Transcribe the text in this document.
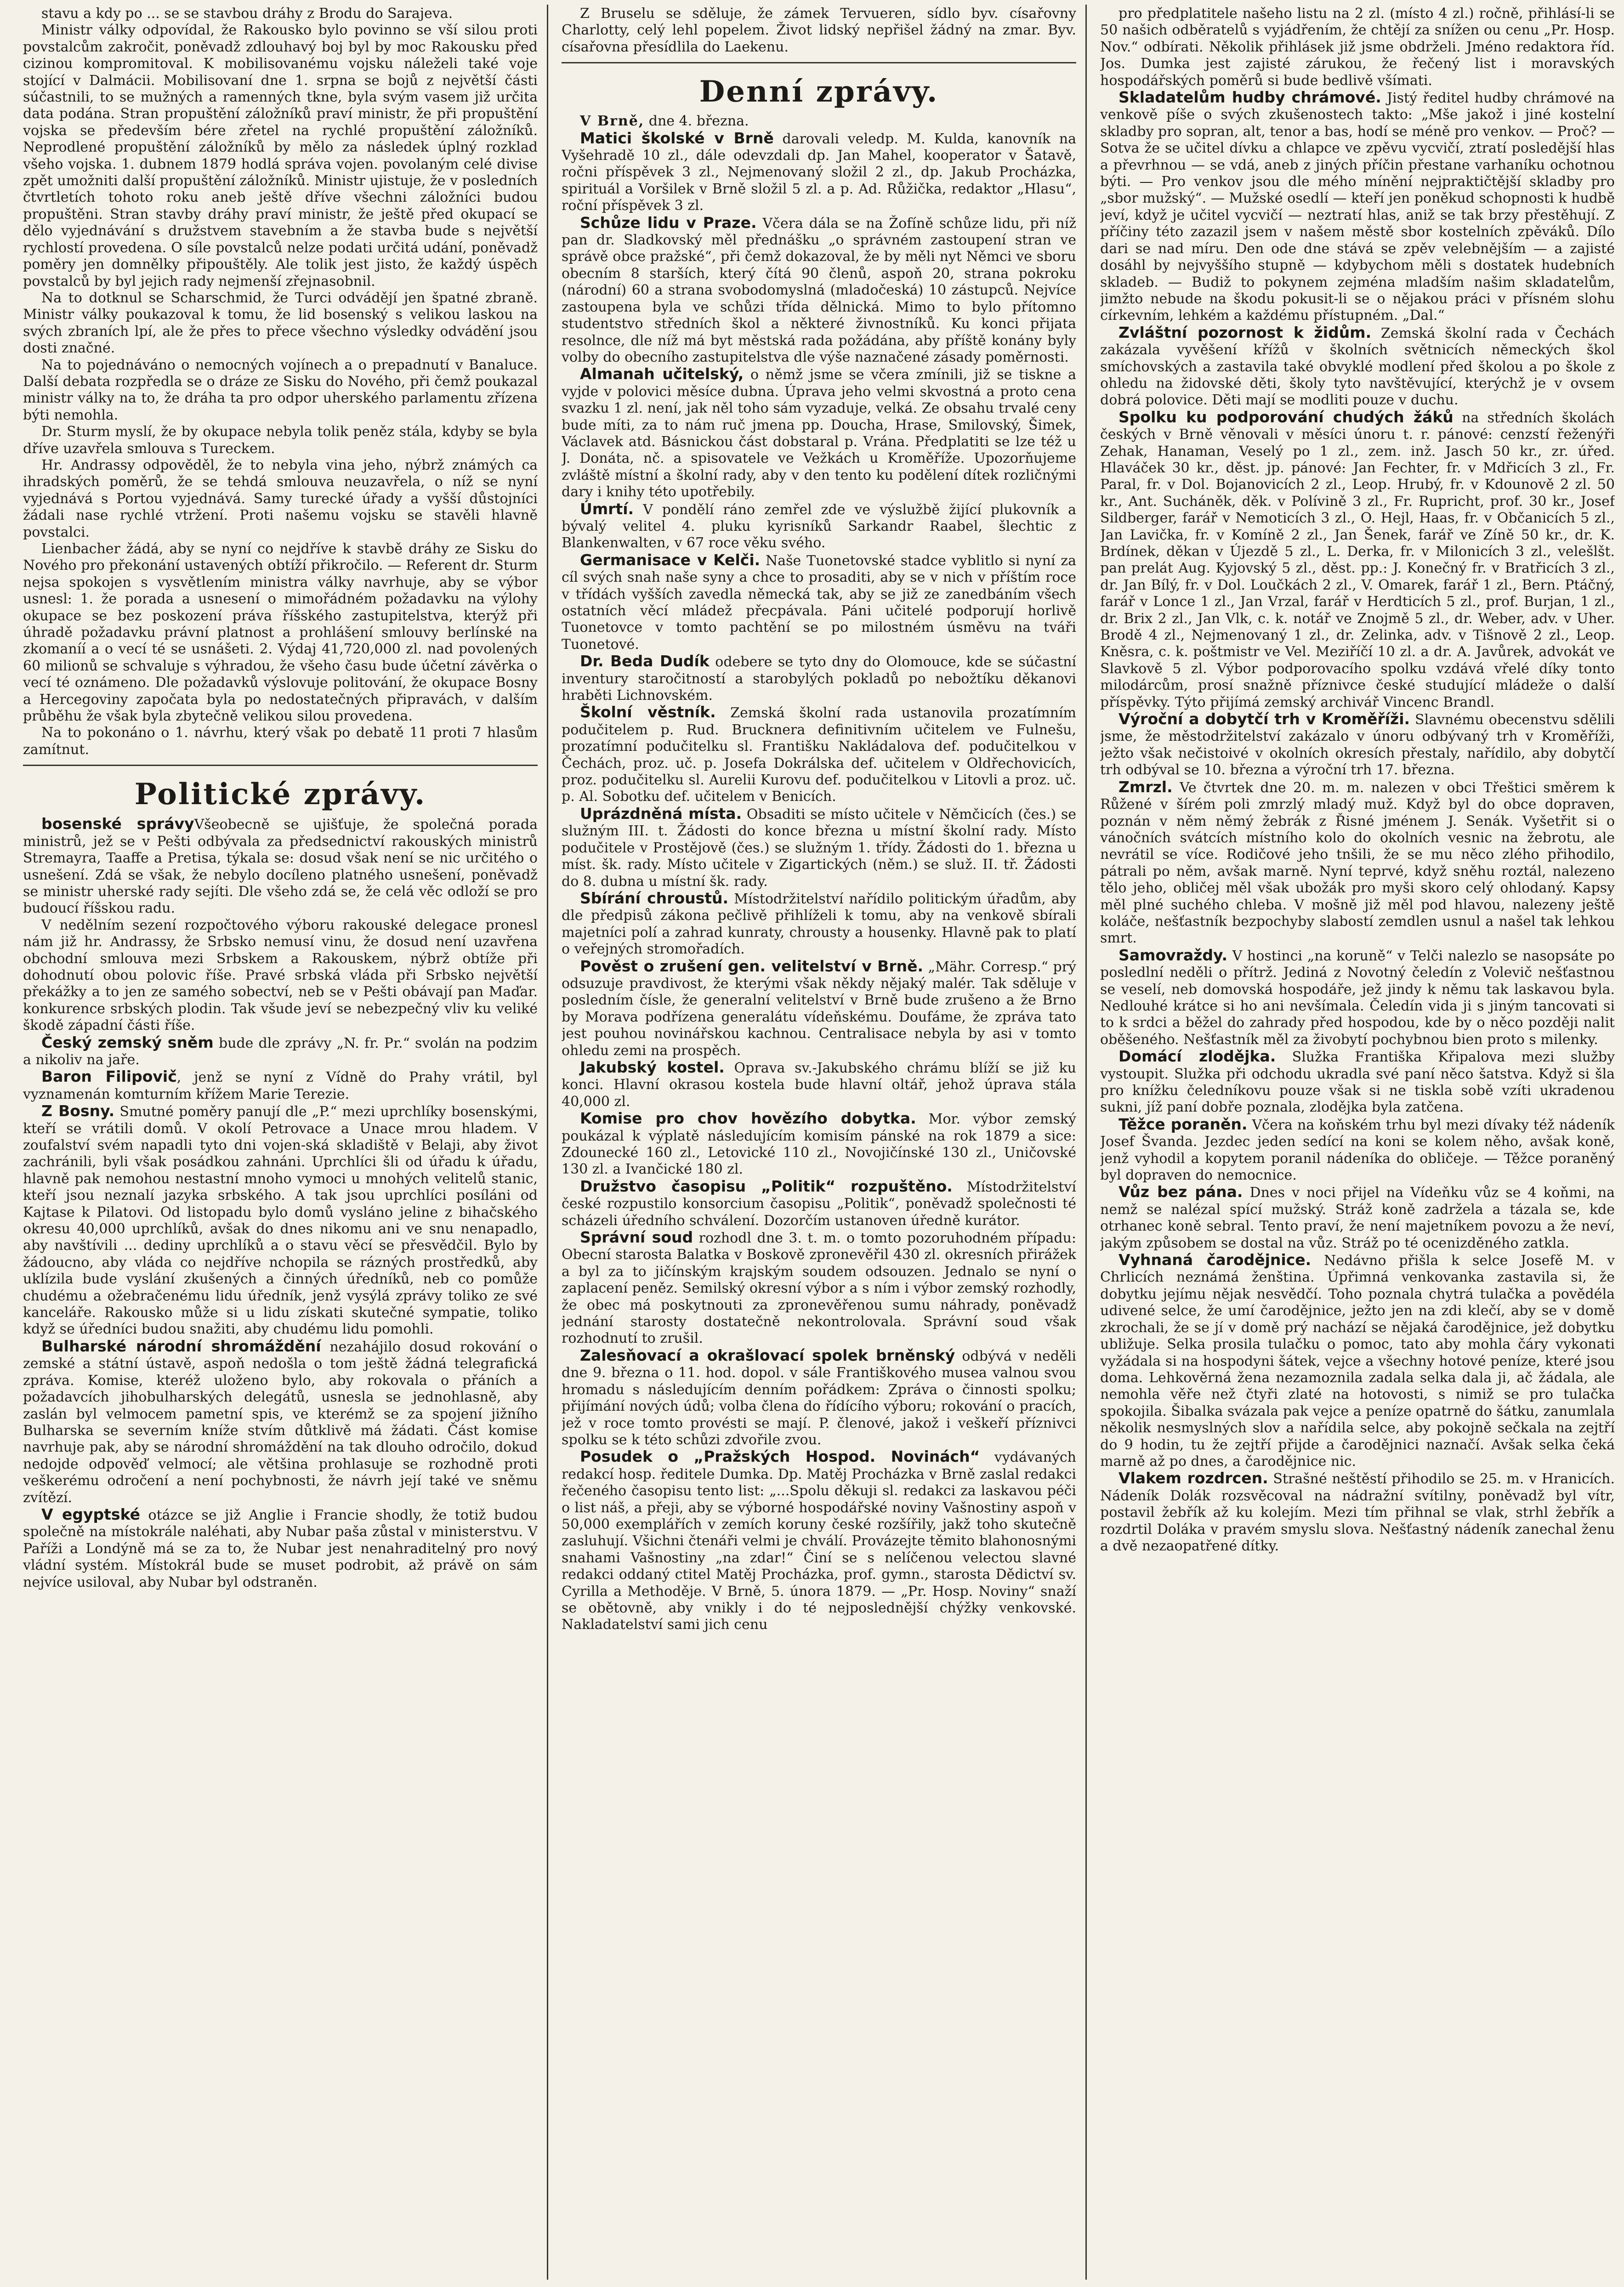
stavu a kdy po ... se se stavbou dráhy z Brodu do Sarajeva.

Ministr války odpovídal, že Rakousko bylo povinno se vší silou proti povstalcům zakročit, poněvadž zdlouhavý boj byl by moc Rakousku před cizinou kompromitoval. K mobilisovanému vojsku náleželi také voje stojící v Dalmácii. Mobilisovaní dne 1. srpna se bojů z největší části súčastnili, to se mužných a ramenných tkne, byla svým vasem již určita data podána. Stran propuštění záložníků praví ministr, že při propuštění vojska se především bére zřetel na rychlé propuštění záložníků. Neprodlené propuštění záložníků by mělo za následek úplný rozklad všeho vojska. 1. dubnem 1879 hodlá správa vojen. povolaným celé divise zpět umožniti další propuštění záložníků. Ministr ujistuje, že v posledních čtvrtletích tohoto roku aneb ještě dříve všechni záložníci budou propuštěni. Stran stavby dráhy praví ministr, že ještě před okupací se dělo vyjednávání s družstvem stavebním a že stavba bude s největší rychlostí provedena. O síle povstalců nelze podati určitá udání, poněvadž poměry jen domnělky připouštěly. Ale tolik jest jisto, že každý úspěch povstalců by byl jejich rady nejmenší zřejnasobnil.

Na to dotknul se Scharschmid, že Turci odvádějí jen špatné zbraně. Ministr války poukazoval k tomu, že lid bosenský s velikou laskou na svých zbraních lpí, ale že přes to přece všechno výsledky odvádění jsou dosti značné.

Na to pojednáváno o nemocných vojínech a o prepadnutí v Banaluce. Další debata rozpředla se o dráze ze Sisku do Nového, při čemž poukazal ministr války na to, že dráha ta pro odpor uherského parlamentu zřízena býti nemohla.

Dr. Sturm myslí, že by okupace nebyla tolik peněz stála, kdyby se byla dříve uzavřela smlouva s Tureckem.

Hr. Andrassy odpověděl, že to nebyla vina jeho, nýbrž známých ca ihradských poměrů, že se tehdá smlouva neuzavřela, o níž se nyní vyjednává s Portou vyjednává. Samy turecké úřady a vyšší důstojníci žádali nase rychlé vtržení. Proti našemu vojsku se stavěli hlavně povstalci.

Lienbacher žádá, aby se nyní co nejdříve k stavbě dráhy ze Sisku do Nového pro překonání ustavených obtíží přikročilo. — Referent dr. Sturm nejsa spokojen s vysvětlením ministra války navrhuje, aby se výbor usnesl: 1. že porada a usnesení o mimořádném požadavku na výlohy okupace se bez poskození práva říšského zastupitelstva, kterýž při úhradě požadavku právní platnost a prohlášení smlouvy berlínské na zkomaníí a o vecí té se usnášeti. 2. Výdaj 41,720,000 zl. nad povolených 60 milionů se schvaluje s výhradou, že všeho času bude účetní závěrka o vecí té oznámeno. Dle požadavků výslovuje politování, že okupace Bosny a Hercegoviny započata byla po nedostatečných připravách, v dalším průběhu že však byla zbytečně velikou silou provedena.

Na to pokonáno o 1. návrhu, který však po debatě 11 proti 7 hlasům zamítnut.

Politické zprávy.

bosenské správyVšeobecně se ujišťuje, že společná porada ministrů, jež se v Pešti odbývala za předsednictví rakouských ministrů Stremayra, Taaffe a Pretisa, týkala se: dosud však není se nic určitého o usnešení. Zdá se však, že nebylo docíleno platného usnešení, poněvadž se ministr uherské rady sejíti. Dle všeho zdá se, že celá věc odloží se pro budoucí říšskou radu.

V nedělním sezení rozpočtového výboru rakouské delegace pronesl nám již hr. Andrassy, že Srbsko nemusí vinu, že dosud není uzavřena obchodní smlouva mezi Srbskem a Rakouskem, nýbrž obtíže při dohodnutí obou polovic říše. Pravé srbská vláda při Srbsko největší překážky a to jen ze samého sobectví, neb se v Pešti obávají pan Maďar. konkurence srbských plodin. Tak všude jeví se nebezpečný vliv ku veliké škodě západní části říše.

Český zemský sněm bude dle zprávy „N. fr. Pr.“ svolán na podzim a nikoliv na jaře.

Baron Filipovič, jenž se nyní z Vídně do Prahy vrátil, byl vyznamenán komturním křížem Marie Terezie.

Z Bosny. Smutné poměry panují dle „P.“ mezi uprchlíky bosenskými, kteří se vrátili domů. V okolí Petrovace a Unace mrou hladem. V zoufalství svém napadli tyto dni vojen-ská skladiště v Belaji, aby život zachránili, byli však posádkou zahnáni. Uprchlíci šli od úřadu k úřadu, hlavně pak nemohou nestastní mnoho vymoci u mnohých velitelů stanic, kteří jsou neznalí jazyka srbského. A tak jsou uprchlíci posíláni od Kajtase k Pilatovi. Od listopadu bylo domů vysláno jeline z bihačského okresu 40,000 uprchlíků, avšak do dnes nikomu ani ve snu nenapadlo, aby navštívili ... dediny uprchlíků a o stavu věcí se přesvědčil. Bylo by žádoucno, aby vláda co nejdříve nchopila se rázných prostředků, aby uklízila bude vyslání zkušených a činných úředníků, neb co pomůže chudému a ožebračenému lidu úředník, jenž vysýlá zprávy toliko ze své kanceláře. Rakousko může si u lidu získati skutečné sympatie, toliko když se úředníci budou snažiti, aby chudému lidu pomohli.

Bulharské národní shromáždění nezahájilo dosud rokování o zemské a státní ústavě, aspoň nedošla o tom ještě žádná telegrafická zpráva. Komise, kteréž uloženo bylo, aby rokovala o přáních a požadavcích jihobulharských delegátů, usnesla se jednohlasně, aby zaslán byl velmocem pametní spis, ve kterémž se za spojení jižního Bulharska se severním kníže stvím důtklivě má žádati. Část komise navrhuje pak, aby se národní shromáždění na tak dlouho odročilo, dokud nedojde odpověď velmocí; ale většina prohlasuje se rozhodně proti veškerému odročení a není pochybnosti, že návrh její také ve sněmu zvítězí.

V egyptské otázce se již Anglie i Francie shodly, že totiž budou společně na místokrále naléhati, aby Nubar paša zůstal v ministerstvu. V Paříži a Londýně má se za to, že Nubar jest nenahraditelný pro nový vládní systém. Místokrál bude se muset podrobit, až právě on sám nejvíce usiloval, aby Nubar byl odstraněn.

Z Bruselu se sděluje, že zámek Tervueren, sídlo byv. císařovny Charlotty, celý lehl popelem. Život lidský nepřišel žádný na zmar. Byv. císařovna přesídlila do Laekenu.

Denní zprávy.

V Brně, dne 4. března.

Matici školské v Brně darovali veledp. M. Kulda, kanovník na Vyšehradě 10 zl., dále odevzdali dp. Jan Mahel, kooperator v Šatavě, ročni příspěvek 3 zl., Nejmenovaný složil 2 zl., dp. Jakub Procházka, spirituál a Voršilek v Brně složil 5 zl. a p. Ad. Růžička, redaktor „Hlasu“, roční příspěvek 3 zl.

Schůze lidu v Praze. Včera dála se na Žofíně schůze lidu, při níž pan dr. Sladkovský měl přednášku „o správném zastoupení stran ve správě obce pražské“, při čemž dokazoval, že by měli nyt Němci ve sboru obecním 8 starších, který čítá 90 členů, aspoň 20, strana pokroku (národní) 60 a strana svobodomyslná (mladočeská) 10 zástupců. Nejvíce zastoupena byla ve schůzi třída dělnická. Mimo to bylo přítomno studentstvo středních škol a některé živnostníků. Ku konci přijata resolnce, dle níž má byt městská rada požádána, aby příště konány byly volby do obecního zastupitelstva dle výše naznačené zásady poměrnosti.

Almanah učitelský, o němž jsme se včera zmínili, již se tiskne a vyjde v polovici měsíce dubna. Úprava jeho velmi skvostná a proto cena svazku 1 zl. není, jak něl toho sám vyzaduje, velká. Ze obsahu trvalé ceny bude míti, za to nám ruč jmena pp. Doucha, Hrase, Smilovský, Šimek, Václavek atd. Básnickou část dobstaral p. Vrána. Předplatiti se lze též u J. Donáta, nč. a spisovatele ve Vežkách u Kroměříže. Upozorňujeme zvláště místní a školní rady, aby v den tento ku podělení dítek rozličnými dary i knihy této upotřebily.

Úmrtí. V pondělí ráno zemřel zde ve výslužbě žijící plukovník a bývalý velitel 4. pluku kyrisníků Sarkandr Raabel, šlechtic z Blankenwalten, v 67 roce věku svého.

Germanisace v Kelči. Naše Tuonetovské stadce vyblitlo si nyní za cíl svých snah naše syny a chce to prosaditi, aby se v nich v příštím roce v třídách vyšších zavedla německá tak, aby se již ze zanedbáním všech ostatních věcí mládež přecpávala. Páni učitelé podporují horlivě Tuonetovce v tomto pachtění se po milostném úsměvu na tváři Tuonetové.

Dr. Beda Dudík odebere se tyto dny do Olomouce, kde se súčastní inventury staročitností a starobylých pokladů po nebožtíku děkanovi hraběti Lichnovském.

Školní věstník. Zemská školní rada ustanovila prozatímním podučitelem p. Rud. Brucknera definitivním učitelem ve Fulnešu, prozatímní podučitelku sl. Františku Nakládalova def. podučitelkou v Čechách, proz. uč. p. Josefa Dokrálska def. učitelem v Oldřechovicích, proz. podučitelku sl. Aurelii Kurovu def. podučitelkou v Litovli a proz. uč. p. Al. Sobotku def. učitelem v Benicích.

Uprázdněná místa. Obsaditi se místo učitele v Němčicích (čes.) se služným III. t. Žádosti do konce března u místní školní rady. Místo podučitele v Prostějově (čes.) se služným 1. třídy. Žádosti do 1. března u míst. šk. rady. Místo učitele v Zigartických (něm.) se služ. II. tř. Žádosti do 8. dubna u místní šk. rady.

Sbírání chroustů. Místodržitelství nařídilo politickým úřadům, aby dle předpisů zákona pečlivě přihlíželi k tomu, aby na venkově sbírali majetníci polí a zahrad kunraty, chrousty a housenky. Hlavně pak to platí o veřejných stromořadích.

Pověst o zrušení gen. velitelství v Brně. „Mähr. Corresp.“ prý odsuzuje pravdivost, že kterými však někdy nějaký malér. Tak sděluje v posledním čísle, že generalní velitelství v Brně bude zrušeno a že Brno by Morava podřízena generalátu vídeňskému. Doufáme, že zpráva tato jest pouhou novinářskou kachnou. Centralisace nebyla by asi v tomto ohledu zemi na prospěch.

Jakubský kostel. Oprava sv.-Jakubského chrámu blíží se již ku konci. Hlavní okrasou kostela bude hlavní oltář, jehož úprava stála 40,000 zl.

Komise pro chov hovězího dobytka. Mor. výbor zemský poukázal k výplatě následujícím komisím pánské na rok 1879 a sice: Zdounecké 160 zl., Letovické 110 zl., Novojičínské 130 zl., Uničovské 130 zl. a Ivančické 180 zl.

Družstvo časopisu „Politik“ rozpuštěno. Místodržitelství české rozpustilo konsorcium časopisu „Politik“, poněvadž společnosti té scházeli úředního schválení. Dozorčím ustanoven úředně kurátor.

Správní soud rozhodl dne 3. t. m. o tomto pozoruhodném případu: Obecní starosta Balatka v Boskově zpronevěřil 430 zl. okresních přirážek a byl za to jičínským krajským soudem odsouzen. Jednalo se nyní o zaplacení peněz. Semilský okresní výbor a s ním i výbor zemský rozhodly, že obec má poskytnouti za zpronevěřenou sumu náhrady, poněvadž jednání starosty dostatečně nekontrolovala. Správní soud však rozhodnutí to zrušil.

Zalesňovací a okrašlovací spolek brněnský odbývá v neděli dne 9. března o 11. hod. dopol. v sále Františkového musea valnou svou hromadu s následujícím denním pořádkem: Zpráva o činnosti spolku; přijímání nových údů; volba člena do řídícího výboru; rokování o pracích, jež v roce tomto provésti se mají. P. členové, jakož i veškeří příznivci spolku se k této schůzi zdvořile zvou.

Posudek o „Pražských Hospod. Novinách“ vydávaných redakcí hosp. ředitele Dumka. Dp. Matěj Procházka v Brně zaslal redakci řečeného časopisu tento list: „...Spolu děkuji sl. redakci za laskavou péči o list náš, a přeji, aby se výborné hospodářské noviny Vašnostiny aspoň v 50,000 exemplářích v zemích koruny české rozšířily, jakž toho skutečně zasluhují. Všichni čtenáři velmi je chválí. Provázejte těmito blahonosnými snahami Vašnostiny „na zdar!“ Činí se s nelíčenou velectou slavné redakci oddaný ctitel Matěj Procházka, prof. gymn., starosta Dědictví sv. Cyrilla a Methoděje. V Brně, 5. února 1879. — „Pr. Hosp. Noviny“ snaží se obětovně, aby vnikly i do té nejposlednější chýžky venkovské. Nakladatelství sami jich cenu

pro předplatitele našeho listu na 2 zl. (místo 4 zl.) ročně, přihlásí-li se 50 našich odběratelů s vyjádřením, že chtějí za snížen ou cenu „Pr. Hosp. Nov.“ odbírati. Několik přihlásek již jsme obdrželi. Jméno redaktora říd. Jos. Dumka jest zajisté zárukou, že řečený list i moravských hospodářských poměrů si bude bedlivě všímati.

Skladatelům hudby chrámové. Jistý ředitel hudby chrámové na venkově píše o svých zkušenostech takto: „Mše jakož i jiné kostelní skladby pro sopran, alt, tenor a bas, hodí se méně pro venkov. — Proč? — Sotva že se učitel dívku a chlapce ve zpěvu vycvičí, ztratí posledější hlas a převrhnou — se vdá, aneb z jiných příčin přestane varhaníku ochotnou býti. — Pro venkov jsou dle mého mínění nejpraktičtější skladby pro „sbor mužský“. — Mužské osedlí — kteří jen poněkud schopnosti k hudbě jeví, když je učitel vycvičí — neztratí hlas, aniž se tak brzy přestěhují. Z příčiny této zazazil jsem v našem městě sbor kostelních zpěváků. Dílo dari se nad míru. Den ode dne stává se zpěv velebnějším — a zajisté dosáhl by nejvyššího stupně — kdybychom měli s dostatek hudebních skladeb. — Budiž to pokynem zejména mladším našim skladatelům, jimžto nebude na škodu pokusit-li se o nějakou práci v přísném slohu církevním, lehkém a každému přístupném. „Dal.“

Zvláštní pozornost k židům. Zemská školní rada v Čechách zakázala vyvěšení křížů v školních světnicích německých škol smíchovských a zastavila také obvyklé modlení před školou a po škole z ohledu na židovské děti, školy tyto navštěvující, kterýchž je v ovsem dobrá polovice. Děti mají se modliti pouze v duchu.

Spolku ku podporování chudých žáků na středních školách českých v Brně věnovali v měsíci únoru t. r. pánové: cenzstí řeženýři Zehak, Hanaman, Veselý po 1 zl., zem. inž. Jasch 50 kr., zr. úřed. Hlaváček 30 kr., děst. jp. pánové: Jan Fechter, fr. v Mdřicích 3 zl., Fr. Paral, fr. v Dol. Bojanovicích 2 zl., Leop. Hrubý, fr. v Kdounově 2 zl. 50 kr., Ant. Sucháněk, děk. v Polívině 3 zl., Fr. Rupricht, prof. 30 kr., Josef Sildberger, farář v Nemoticích 3 zl., O. Hejl, Haas, fr. v Občanicích 5 zl., Jan Lavička, fr. v Komíně 2 zl., Jan Šenek, farář ve Zíně 50 kr., dr. K. Brdínek, děkan v Újezdě 5 zl., L. Derka, fr. v Milonicích 3 zl., velešlšt. pan prelát Aug. Kyjovský 5 zl., děst. pp.: J. Konečný fr. v Bratřicích 3 zl., dr. Jan Bílý, fr. v Dol. Loučkách 2 zl., V. Omarek, farář 1 zl., Bern. Ptáčný, farář v Lonce 1 zl., Jan Vrzal, farář v Herdticích 5 zl., prof. Burjan, 1 zl., dr. Brix 2 zl., Jan Vlk, c. k. notář ve Znojmě 5 zl., dr. Weber, adv. v Uher. Brodě 4 zl., Nejmenovaný 1 zl., dr. Zelinka, adv. v Tišnově 2 zl., Leop. Kněsra, c. k. poštmistr ve Vel. Meziříčí 10 zl. a dr. A. Javůrek, advokát ve Slavkově 5 zl. Výbor podporovacího spolku vzdává vřelé díky tonto milodárcům, prosí snažně příznivce české studující mládeže o další příspěvky. Týto přijímá zemský archivář Vincenc Brandl.

Výroční a dobytčí trh v Kroměříži. Slavnému obecenstvu sdělili jsme, že městodržitelství zakázalo v únoru odbývaný trh v Kroměříži, ježto však nečistoivé v okolních okresích přestaly, nařídilo, aby dobytčí trh odbýval se 10. března a výroční trh 17. března.

Zmrzl. Ve čtvrtek dne 20. m. m. nalezen v obci Třeštici směrem k Růžené v šírém poli zmrzlý mladý muž. Když byl do obce dopraven, poznán v něm němý žebrák z Řisné jménem J. Senák. Vyšetřit si o vánočních svátcích místního kolo do okolních vesnic na žebrotu, ale nevrátil se více. Rodičové jeho tnšili, že se mu něco zlého přihodilo, pátrali po něm, avšak marně. Nyní teprvé, když sněhu roztál, nalezeno tělo jeho, obličej měl však ubožák pro myši skoro celý ohlodaný. Kapsy měl plné suchého chleba. V mošně již měl pod hlavou, nalezeny ještě koláče, nešťastník bezpochyby slabostí zemdlen usnul a našel tak lehkou smrt.

Samovraždy. V hostinci „na koruně“ v Telči nalezlo se nasopsáte po posledlní neděli o přítrž. Jediná z Novotný čeledín z Volevič nešťastnou se veselí, neb domovská hospodáře, jež jindy k němu tak laskavou byla. Nedlouhé krátce si ho ani nevšímala. Čeledín vida ji s jiným tancovati si to k srdci a běžel do zahrady před hospodou, kde by o něco později nalit oběšeného. Nešťastník měl za živobytí pochybnou bien proto s milenky.

Domácí zlodějka. Služka Františka Křipalova mezi služby vystoupit. Služka při odchodu ukradla své paní něco šatstva. Když si šla pro knížku čeledníkovu pouze však si ne tiskla sobě vzíti ukradenou sukni, jíž paní dobře poznala, zlodějka byla zatčena.

Těžce poraněn. Včera na koňském trhu byl mezi dívaky též nádeník Josef Švanda. Jezdec jeden sedící na koni se kolem něho, avšak koně, jenž vyhodil a kopytem poranil nádeníka do obličeje. — Těžce poraněný byl dopraven do nemocnice.

Vůz bez pána. Dnes v noci přijel na Vídeňku vůz se 4 koňmi, na nemž se nalézal spící mužský. Stráž koně zadržela a tázala se, kde otrhanec koně sebral. Tento praví, že není majetníkem povozu a že neví, jakým způsobem se dostal na vůz. Stráž po té ocenizděného zatkla.

Vyhnaná čarodějnice. Nedávno přišla k selce Josefě M. v Chrlicích neznámá ženština. Úpřimná venkovanka zastavila si, že dobytku jejímu nějak nesvědčí. Toho poznala chytrá tulačka a povědéla udivené selce, že umí čarodějnice, ježto jen na zdi klečí, aby se v domě zkrochali, že se jí v domě prý nachází se nějaká čarodějnice, jež dobytku ubližuje. Selka prosila tulačku o pomoc, tato aby mohla čáry vykonati vyžádala si na hospodyni šátek, vejce a všechny hotové peníze, které jsou doma. Lehkověrná žena nezamoznila zadala selka dala ji, ač žádala, ale nemohla věře než čtyři zlaté na hotovosti, s nimiž se pro tulačka spokojila. Šibalka svázala pak vejce a peníze opatrně do šátku, zanumlala několik nesmyslných slov a nařídila selce, aby pokojně sečkala na zejtří do 9 hodin, tu že zejtří přijde a čarodějnici naznačí. Avšak selka čeká marně až po dnes, a čarodějnice nic.

Vlakem rozdrcen. Strašné neštěstí přihodilo se 25. m. v Hranicích. Nádeník Dolák rozsvěcoval na nádražní svítilny, poněvadž byl vítr, postavil žebřík až ku kolejím. Mezi tím přihnal se vlak, strhl žebřík a rozdrtil Doláka v pravém smyslu slova. Nešťastný nádeník zanechal ženu a dvě nezaopatřené dítky.
